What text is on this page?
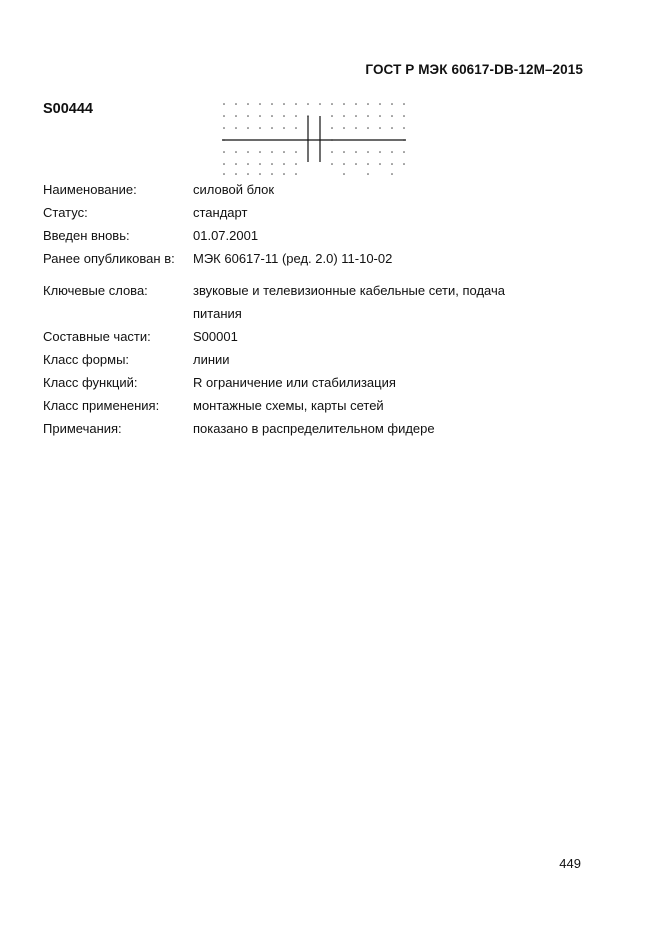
ГОСТ Р МЭК 60617-DB-12M–2015
S00444
Наименование:	силовой блок
Статус:	стандарт
Введен вновь:	01.07.2001
Ранее опубликован в:	МЭК 60617-11 (ред. 2.0) 11-10-02
Ключевые слова:	звуковые и телевизионные кабельные сети, подача питания
Составные части:	S00001
Класс формы:	линии
Класс функций:	R ограничение или стабилизация
Класс применения:	монтажные схемы, карты сетей
Примечания:	показано в распределительном фидере
449
